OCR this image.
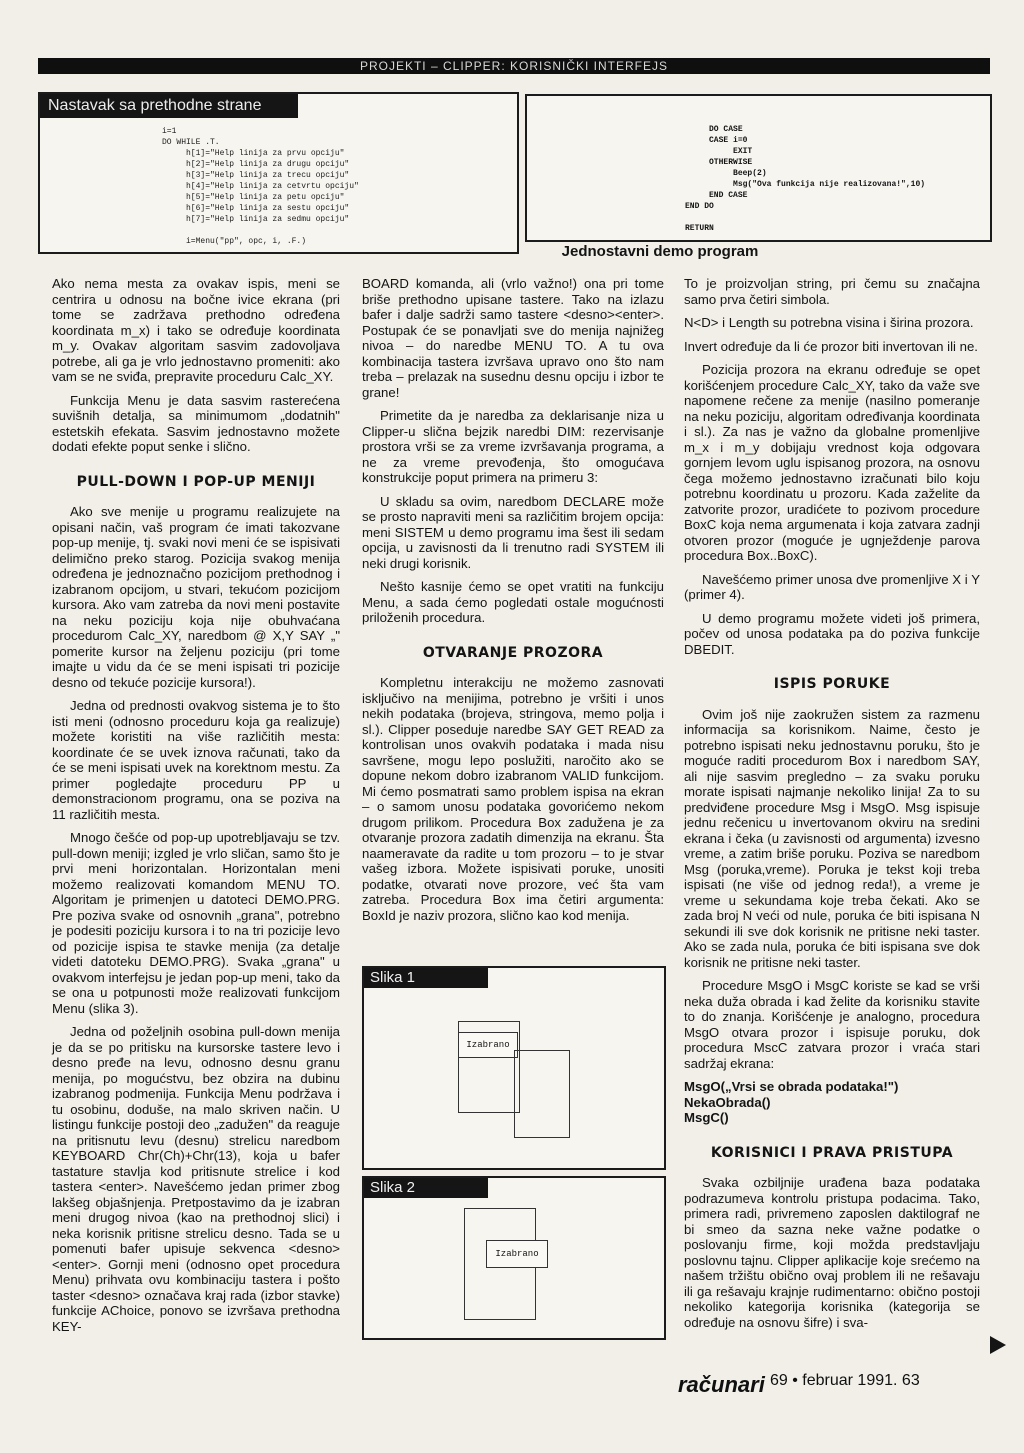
PROJEKTI – CLIPPER: KORISNIČKI INTERFEJS
Nastavak sa prethodne strane
i=1
DO WHILE .T.
h[1]="Help linija za prvu opciju"
h[2]="Help linija za drugu opciju"
h[3]="Help linija za trecu opciju"
h[4]="Help linija za cetvrtu opciju"
h[5]="Help linija za petu opciju"
h[6]="Help linija za sestu opciju"
h[7]="Help linija za sedmu opciju"

i=Menu("pp", opc, i, .F.)
DO CASE
CASE i=0
EXIT
OTHERWISE
Beep(2)
Msg("Ova funkcija nije realizovana!",10)
END CASE
END DO

RETURN
Jednostavni demo program

Ako nema mesta za ovakav ispis, meni se centrira u odnosu na bočne ivice ekrana (pri tome se zadržava prethodno određena koordinata m_x) i tako se određuje koordinata m_y. Ovakav algoritam sasvim zadovoljava potrebe, ali ga je vrlo jednostavno promeniti: ako vam se ne sviđa, prepravite proceduru Calc_XY.

Funkcija Menu je data sasvim rasterećena suvišnih detalja, sa minimumom „dodatnih" estetskih efekata. Sasvim jednostavno možete dodati efekte poput senke i slično.

PULL-DOWN I POP-UP MENIJI

Ako sve menije u programu realizujete na opisani način, vaš program će imati takozvane pop-up menije, tj. svaki novi meni će se ispisivati delimično preko starog. Pozicija svakog menija određena je jednoznačno pozicijom prethodnog i izabranom opcijom, u stvari, tekućom pozicijom kursora. Ako vam zatreba da novi meni postavite na neku poziciju koja nije obuhvaćana procedurom Calc_XY, naredbom @ X,Y SAY „" pomerite kursor na željenu poziciju (pri tome imajte u vidu da će se meni ispisati tri pozicije desno od tekuće pozicije kursora!).

Jedna od prednosti ovakvog sistema je to što isti meni (odnosno proceduru koja ga realizuje) možete koristiti na više različitih mesta: koordinate će se uvek iznova računati, tako da će se meni ispisati uvek na korektnom mestu. Za primer pogledajte proceduru PP u demonstracionom programu, ona se poziva na 11 različitih mesta.

Mnogo češće od pop-up upotrebljavaju se tzv. pull-down meniji; izgled je vrlo sličan, samo što je prvi meni horizontalan. Horizontalan meni možemo realizovati komandom MENU TO. Algoritam je primenjen u datoteci DEMO.PRG. Pre poziva svake od osnovnih „grana", potrebno je podesiti poziciju kursora i to na tri pozicije levo od pozicije ispisa te stavke menija (za detalje videti datoteku DEMO.PRG). Svaka „grana" u ovakvom interfejsu je jedan pop-up meni, tako da se ona u potpunosti može realizovati funkcijom Menu (slika 3).

Jedna od poželjnih osobina pull-down menija je da se po pritisku na kursorske tastere levo i desno pređe na levu, odnosno desnu granu menija, po mogućstvu, bez obzira na dubinu izabranog podmenija. Funkcija Menu podržava i tu osobinu, doduše, na malo skriven način. U listingu funkcije postoji deo „zadužen" da reaguje na pritisnutu levu (desnu) strelicu naredbom KEYBOARD Chr(Ch)+Chr(13), koja u bafer tastature stavlja kod pritisnute strelice i kod tastera <enter>. Navešćemo jedan primer zbog lakšeg objašnjenja. Pretpostavimo da je izabran meni drugog nivoa (kao na prethodnoj slici) i neka korisnik pritisne strelicu desno. Tada se u pomenuti bafer upisuje sekvenca <desno><enter>. Gornji meni (odnosno opet procedura Menu) prihvata ovu kombinaciju tastera i pošto taster <desno> označava kraj rada (izbor stavke) funkcije AChoice, ponovo se izvršava prethodna KEY-

BOARD komanda, ali (vrlo važno!) ona pri tome briše prethodno upisane tastere. Tako na izlazu bafer i dalje sadrži samo tastere <desno><enter>. Postupak će se ponavljati sve do menija najnižeg nivoa – do naredbe MENU TO. A tu ova kombinacija tastera izvršava upravo ono što nam treba – prelazak na susednu desnu opciju i izbor te grane!

Primetite da je naredba za deklarisanje niza u Clipper-u slična bejzik naredbi DIM: rezervisanje prostora vrši se za vreme izvršavanja programa, a ne za vreme prevođenja, što omogućava konstrukcije poput primera na primeru 3:

U skladu sa ovim, naredbom DECLARE može se prosto napraviti meni sa različitim brojem opcija: meni SISTEM u demo programu ima šest ili sedam opcija, u zavisnosti da li trenutno radi SYSTEM ili neki drugi korisnik.

Nešto kasnije ćemo se opet vratiti na funkciju Menu, a sada ćemo pogledati ostale mogućnosti priloženih procedura.

OTVARANJE PROZORA

Kompletnu interakciju ne možemo zasnovati isključivo na menijima, potrebno je vršiti i unos nekih podataka (brojeva, stringova, memo polja i sl.). Clipper poseduje naredbe SAY GET READ za kontrolisan unos ovakvih podataka i mada nisu savršene, mogu lepo poslužiti, naročito ako se dopune nekom dobro izabranom VALID funkcijom. Mi ćemo posmatrati samo problem ispisa na ekran – o samom unosu podataka govorićemo nekom drugom prilikom. Procedura Box zadužena je za otvaranje prozora zadatih dimenzija na ekranu. Šta naameravate da radite u tom prozoru – to je stvar vašeg izbora. Možete ispisivati poruke, unositi podatke, otvarati nove prozore, već šta vam zatreba. Procedura Box ima četiri argumenta: BoxId je naziv prozora, slično kao kod menija.

Slika 1
Izabrano
Slika 2
Izabrano

To je proizvoljan string, pri čemu su značajna samo prva četiri simbola.

N<D> i Length su potrebna visina i širina prozora.

Invert određuje da li će prozor biti invertovan ili ne.

Pozicija prozora na ekranu određuje se opet korišćenjem procedure Calc_XY, tako da važe sve napomene rečene za menije (nasilno pomeranje na neku poziciju, algoritam određivanja koordinata i sl.). Za nas je važno da globalne promenljive m_x i m_y dobijaju vrednost koja odgovara gornjem levom uglu ispisanog prozora, na osnovu čega možemo jednostavno izračunati bilo koju potrebnu koordinatu u prozoru. Kada zaželite da zatvorite prozor, uradićete to pozivom procedure BoxC koja nema argumenata i koja zatvara zadnji otvoren prozor (moguće je ugnježdenje parova procedura Box..BoxC).

Navešćemo primer unosa dve promenljive X i Y (primer 4).

U demo programu možete videti još primera, počev od unosa podataka pa do poziva funkcije DBEDIT.

ISPIS PORUKE

Ovim još nije zaokružen sistem za razmenu informacija sa korisnikom. Naime, često je potrebno ispisati neku jednostavnu poruku, što je moguće raditi procedurom Box i naredbom SAY, ali nije sasvim pregledno – za svaku poruku morate ispisati najmanje nekoliko linija! Za to su predviđene procedure Msg i MsgO. Msg ispisuje jednu rečenicu u invertovanom okviru na sredini ekrana i čeka (u zavisnosti od argumenta) izvesno vreme, a zatim briše poruku. Poziva se naredbom Msg (poruka,vreme). Poruka je tekst koji treba ispisati (ne više od jednog reda!), a vreme je vreme u sekundama koje treba čekati. Ako se zada broj N veći od nule, poruka će biti ispisana N sekundi ili sve dok korisnik ne pritisne neki taster. Ako se zada nula, poruka će biti ispisana sve dok korisnik ne pritisne neki taster.

Procedure MsgO i MsgC koriste se kad se vrši neka duža obrada i kad želite da korisniku stavite to do znanja. Korišćenje je analogno, procedura MsgO otvara prozor i ispisuje poruku, dok procedura MscC zatvara prozor i vraća stari sadržaj ekrana:

MsgO(„Vrsi se obrada podataka!")
NekaObrada()
MsgC()
KORISNICI I PRAVA PRISTUPA

Svaka ozbiljnije urađena baza podataka podrazumeva kontrolu pristupa podacima. Tako, primera radi, privremeno zaposlen daktilograf ne bi smeo da sazna neke važne podatke o poslovanju firme, koji možda predstavljaju poslovnu tajnu. Clipper aplikacije koje srećemo na našem tržištu obično ovaj problem ili ne rešavaju ili ga rešavaju krajnje rudimentarno: obično postoji nekoliko kategorija korisnika (kategorija se određuje na osnovu šifre) i sva-

računari 69 • februar 1991. 63
